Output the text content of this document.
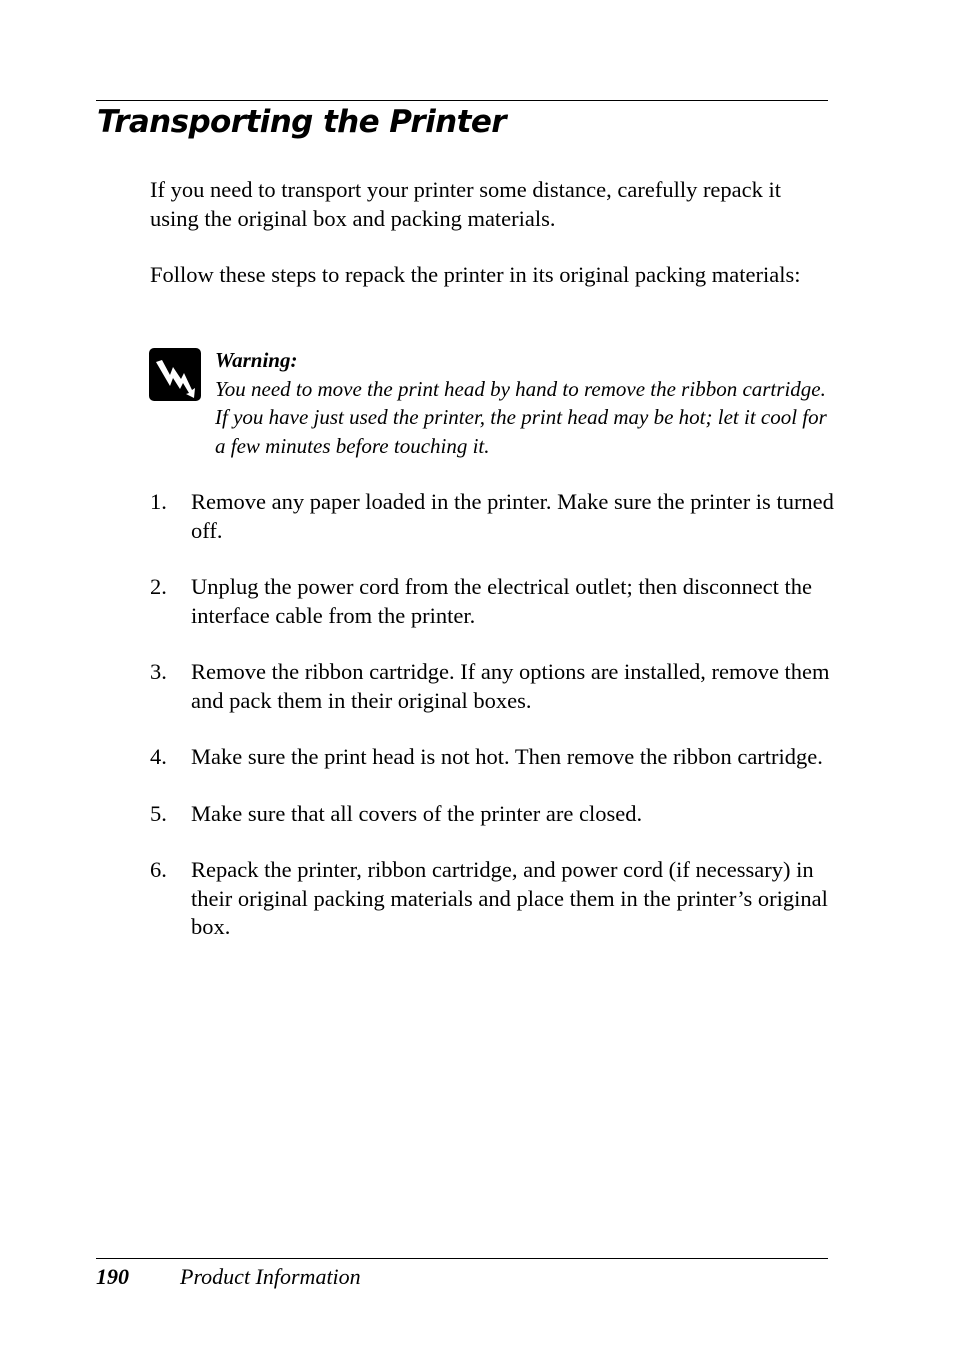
Transporting the Printer

If you need to transport your printer some distance, carefully repack it using the original box and packing materials.

Follow these steps to repack the printer in its original packing materials:

Warning:
You need to move the print head by hand to remove the ribbon cartridge. If you have just used the printer, the print head may be hot; let it cool for a few minutes before touching it.
1. Remove any paper loaded in the printer. Make sure the printer is turned off.
2. Unplug the power cord from the electrical outlet; then disconnect the interface cable from the printer.
3. Remove the ribbon cartridge. If any options are installed, remove them and pack them in their original boxes.
4. Make sure the print head is not hot. Then remove the ribbon cartridge.
5. Make sure that all covers of the printer are closed.
6. Repack the printer, ribbon cartridge, and power cord (if necessary) in their original packing materials and place them in the printer’s original box.
190 Product Information
